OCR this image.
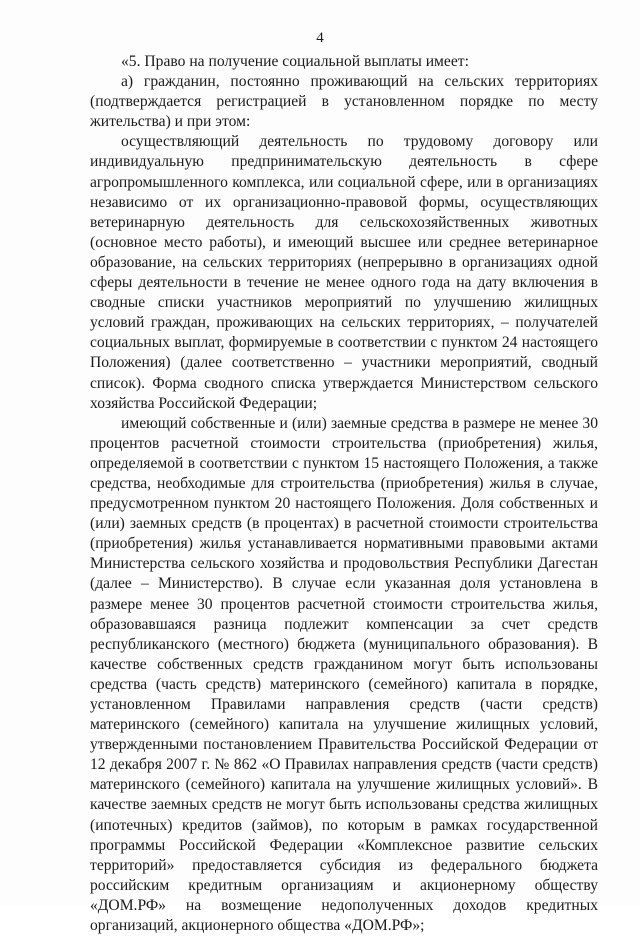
4

«5. Право на получение социальной выплаты имеет:

а) гражданин, постоянно проживающий на сельских территориях (подтверждается регистрацией в установленном порядке по месту жительства) и при этом:

осуществляющий деятельность по трудовому договору или индивидуальную предпринимательскую деятельность в сфере агропромышленного комплекса, или социальной сфере, или в организациях независимо от их организационно-правовой формы, осуществляющих ветеринарную деятельность для сельскохозяйственных животных (основное место работы), и имеющий высшее или среднее ветеринарное образование, на сельских территориях (непрерывно в организациях одной сферы деятельности в течение не менее одного года на дату включения в сводные списки участников мероприятий по улучшению жилищных условий граждан, проживающих на сельских территориях, – получателей социальных выплат, формируемые в соответствии с пунктом 24 настоящего Положения) (далее соответственно – участники мероприятий, сводный список). Форма сводного списка утверждается Министерством сельского хозяйства Российской Федерации;

имеющий собственные и (или) заемные средства в размере не менее 30 процентов расчетной стоимости строительства (приобретения) жилья, определяемой в соответствии с пунктом 15 настоящего Положения, а также средства, необходимые для строительства (приобретения) жилья в случае, предусмотренном пунктом 20 настоящего Положения. Доля собственных и (или) заемных средств (в процентах) в расчетной стоимости строительства (приобретения) жилья устанавливается нормативными правовыми актами Министерства сельского хозяйства и продовольствия Республики Дагестан (далее – Министерство). В случае если указанная доля установлена в размере менее 30 процентов расчетной стоимости строительства жилья, образовавшаяся разница подлежит компенсации за счет средств республиканского (местного) бюджета (муниципального образования). В качестве собственных средств гражданином могут быть использованы средства (часть средств) материнского (семейного) капитала в порядке, установленном Правилами направления средств (части средств) материнского (семейного) капитала на улучшение жилищных условий, утвержденными постановлением Правительства Российской Федерации от 12 декабря 2007 г. № 862 «О Правилах направления средств (части средств) материнского (семейного) капитала на улучшение жилищных условий». В качестве заемных средств не могут быть использованы средства жилищных (ипотечных) кредитов (займов), по которым в рамках государственной программы Российской Федерации «Комплексное развитие сельских территорий» предоставляется субсидия из федерального бюджета российским кредитным организациям и акционерному обществу «ДОМ.РФ» на возмещение недополученных доходов кредитных организаций, акционерного общества «ДОМ.РФ»;
